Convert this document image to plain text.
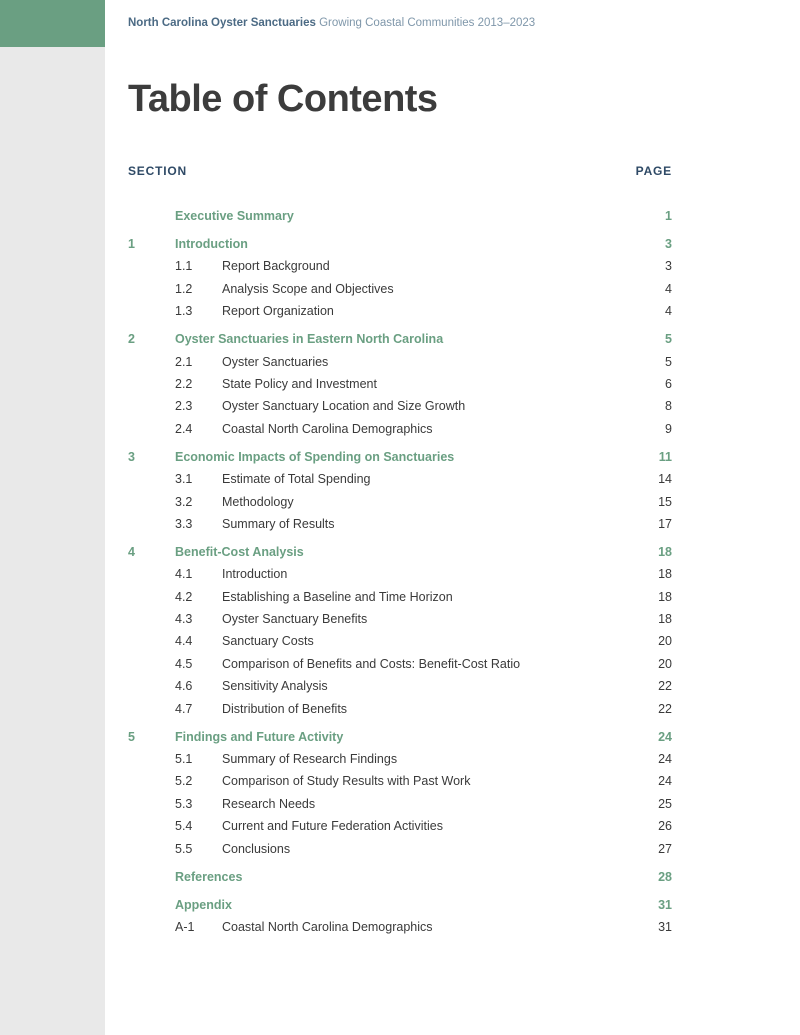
North Carolina Oyster Sanctuaries Growing Coastal Communities 2013–2023
Table of Contents
SECTION	PAGE
Executive Summary	1
1	Introduction	3
1.1 Report Background	3
1.2 Analysis Scope and Objectives	4
1.3 Report Organization	4
2	Oyster Sanctuaries in Eastern North Carolina	5
2.1 Oyster Sanctuaries	5
2.2 State Policy and Investment	6
2.3 Oyster Sanctuary Location and Size Growth	8
2.4 Coastal North Carolina Demographics	9
3	Economic Impacts of Spending on Sanctuaries	11
3.1 Estimate of Total Spending	14
3.2 Methodology	15
3.3 Summary of Results	17
4	Benefit-Cost Analysis	18
4.1 Introduction	18
4.2 Establishing a Baseline and Time Horizon	18
4.3 Oyster Sanctuary Benefits	18
4.4 Sanctuary Costs	20
4.5 Comparison of Benefits and Costs: Benefit-Cost Ratio	20
4.6 Sensitivity Analysis	22
4.7 Distribution of Benefits	22
5	Findings and Future Activity	24
5.1 Summary of Research Findings	24
5.2 Comparison of Study Results with Past Work	24
5.3 Research Needs	25
5.4 Current and Future Federation Activities	26
5.5 Conclusions	27
References	28
Appendix	31
A-1 Coastal North Carolina Demographics	31
